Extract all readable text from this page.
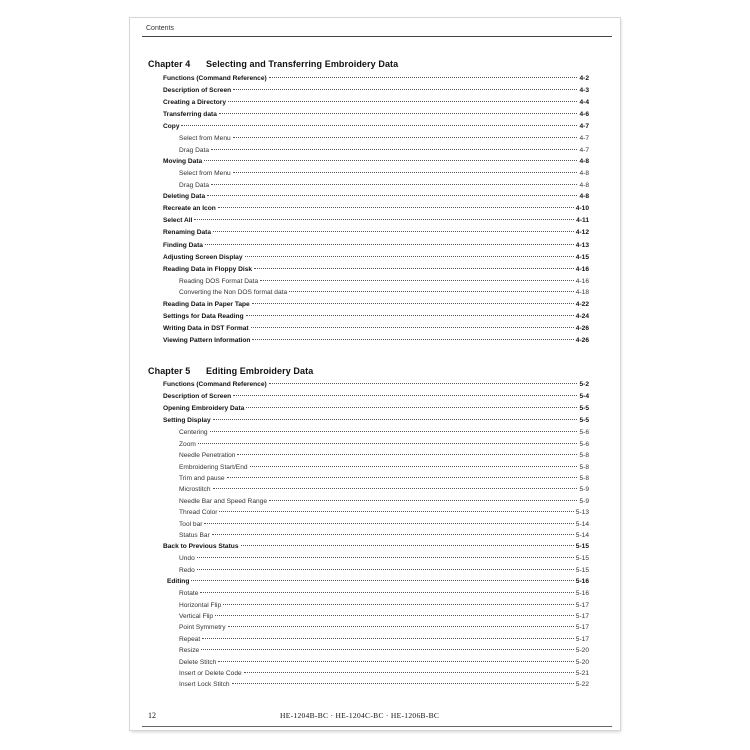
Contents
Chapter 4 Selecting and Transferring Embroidery Data
Functions (Command Reference)	4-2
Description of Screen	4-3
Creating a Directory	4-4
Transferring data	4-6
Copy	4-7
Select from Menu	4-7
Drag Data	4-7
Moving Data	4-8
Select from Menu	4-8
Drag Data	4-8
Deleting Data	4-8
Recreate an Icon	4-10
Select All	4-11
Renaming Data	4-12
Finding Data	4-13
Adjusting Screen Display	4-15
Reading Data in Floppy Disk	4-16
Reading DOS Format Data	4-16
Converting the Non DOS format data	4-18
Reading Data in Paper Tape	4-22
Settings for Data Reading	4-24
Writing Data in DST Format	4-26
Viewing Pattern Information	4-26
Chapter 5 Editing Embroidery Data
Functions (Command Reference)	5-2
Description of Screen	5-4
Opening Embroidery Data	5-5
Setting Display	5-5
Centering	5-6
Zoom	5-6
Needle Penetration	5-8
Embroidering Start/End	5-8
Trim and pause	5-8
Microstitch	5-9
Needle Bar and Speed Range	5-9
Thread Color	5-13
Tool bar	5-14
Status Bar	5-14
Back to Previous Status	5-15
Undo	5-15
Redo	5-15
Editing	5-16
Rotate	5-16
Horizontal Flip	5-17
Vertical Flip	5-17
Point Symmetry	5-17
Repeat	5-17
Resize	5-20
Delete Stitch	5-20
Insert or Delete Code	5-21
Insert Lock Stitch	5-22
12	HE-1204B-BC · HE-1204C-BC · HE-1206B-BC
